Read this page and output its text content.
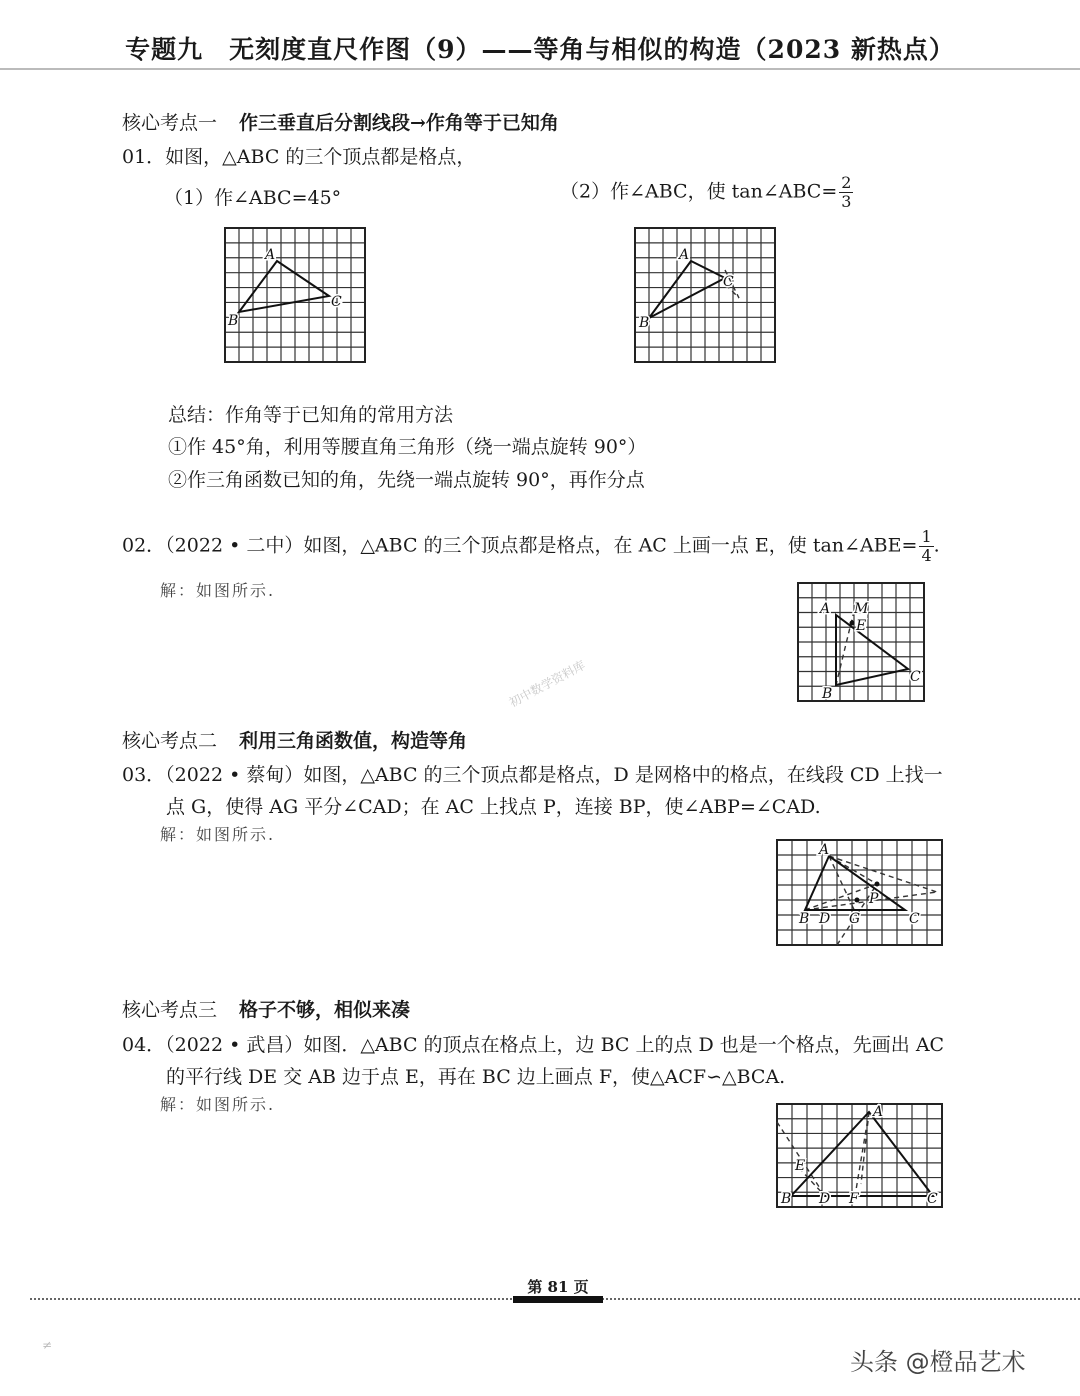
专题九　无刻度直尺作图（9）——等角与相似的构造（2023 新热点）
核心考点一 作三垂直后分割线段→作角等于已知角
01．如图，△ABC 的三个顶点都是格点，
（1）作∠ABC=45°	（2）作∠ABC，使 tan∠ABC= $\frac{2}{3}$
A
B
C
A
B
C
总结：作角等于已知角的常用方法
①作 45°角，利用等腰直角三角形（绕一端点旋转 90°）
②作三角函数已知的角，先绕一端点旋转 90°，再作分点
02．（2022 • 二中）如图，△ABC 的三个顶点都是格点，在 AC 上画一点 E，使 tan∠ABE= $\frac{1}{4}$ .
解：如图所示.
A
B
C
E
M
初中数学资料库
核心考点二 利用三角函数值，构造等角
03．（2022 • 蔡甸）如图，△ABC 的三个顶点都是格点，D 是网格中的格点，在线段 CD 上找一
点 G，使得 AG 平分∠CAD；在 AC 上找点 P，连接 BP，使∠ABP=∠CAD.
解：如图所示.
A
B	C
D G
P
核心考点三 格子不够，相似来凑
04．（2022 • 武昌）如图．△ABC 的顶点在格点上，边 BC 上的点 D 也是一个格点，先画出 AC
的平行线 DE 交 AB 边于点 E，再在 BC 边上画点 F，使△ACF∽△BCA.
解：如图所示.	A
B	C
D
E
F
第 81 页
≠
头条 @橙品艺术
